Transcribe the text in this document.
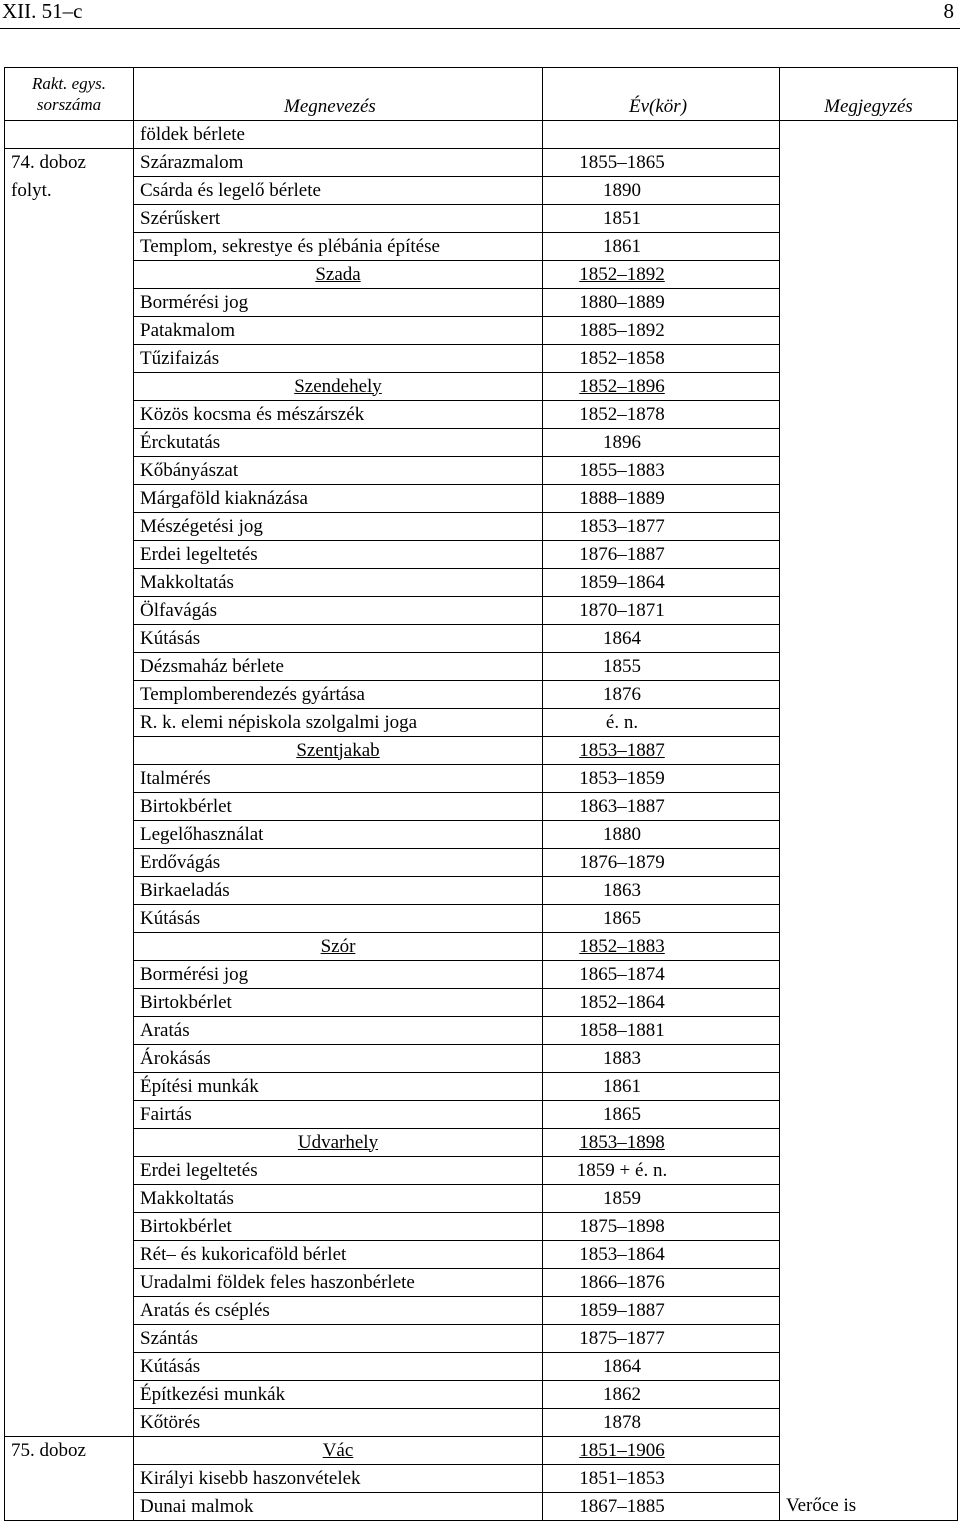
XII. 51–c	8
Rakt. egys.
sorszáma	Megnevezés	Év(kör)	Megjegyzés
	földek bérlete		
74. doboz	Szárazmalom	1855–1865	
folyt.	Csárda és legelő bérlete	1890	
	Szérűskert	1851	
	Templom, sekrestye és plébánia építése	1861	
	Szada	1852–1892	
	Bormérési jog	1880–1889	
	Patakmalom	1885–1892	
	Tűzifaizás	1852–1858	
	Szendehely	1852–1896	
	Közös kocsma és mészárszék	1852–1878	
	Érckutatás	1896	
	Kőbányászat	1855–1883	
	Márgaföld kiaknázása	1888–1889	
	Mészégetési jog	1853–1877	
	Erdei legeltetés	1876–1887	
	Makkoltatás	1859–1864	
	Ölfavágás	1870–1871	
	Kútásás	1864	
	Dézsmaház bérlete	1855	
	Templomberendezés gyártása	1876	
	R. k. elemi népiskola szolgalmi joga	é. n.	
	Szentjakab	1853–1887	
	Italmérés	1853–1859	
	Birtokbérlet	1863–1887	
	Legelőhasználat	1880	
	Erdővágás	1876–1879	
	Birkaeladás	1863	
	Kútásás	1865	
	Szór	1852–1883	
	Bormérési jog	1865–1874	
	Birtokbérlet	1852–1864	
	Aratás	1858–1881	
	Árokásás	1883	
	Építési munkák	1861	
	Fairtás	1865	
	Udvarhely	1853–1898	
	Erdei legeltetés	1859 + é. n.	
	Makkoltatás	1859	
	Birtokbérlet	1875–1898	
	Rét– és kukoricaföld bérlet	1853–1864	
	Uradalmi földek feles haszonbérlete	1866–1876	
	Aratás és cséplés	1859–1887	
	Szántás	1875–1877	
	Kútásás	1864	
	Építkezési munkák	1862	
	Kőtörés	1878	
75. doboz	Vác	1851–1906	
	Királyi kisebb haszonvételek	1851–1853	
	Dunai malmok	1867–1885	Verőce is
